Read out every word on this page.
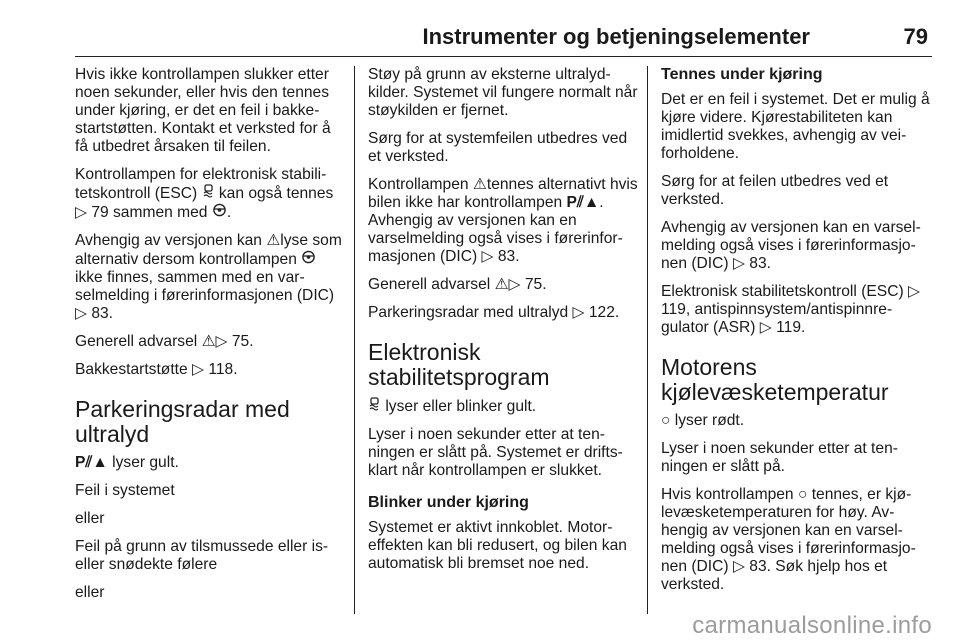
Instrumenter og betjeningselementer	79

Hvis ikke kontrollampen slukker etter noen sekunder, eller hvis den tennes under kjøring, er det en feil i bakke-startstøtten. Kontakt et verksted for å få utbedret årsaken til feilen.

Kontrollampen for elektronisk stabili-tetskontroll (ESC)  kan også tennes ▷ 79 sammen med .

Avhengig av versjonen kan ⚠lyse som alternativ dersom kontrollampen  ikke finnes, sammen med en var-selmelding i førerinformasjonen (DIC) ▷ 83.

Generell advarsel ⚠▷ 75.

Bakkestartstøtte ▷ 118.

Parkeringsradar med ultralyd

P⫽▲ lyser gult.

Feil i systemet

eller

Feil på grunn av tilsmussede eller is- eller snødekte følere

eller

Støy på grunn av eksterne ultralyd-kilder. Systemet vil fungere normalt når støykilden er fjernet.

Sørg for at systemfeilen utbedres ved et verksted.

Kontrollampen ⚠tennes alternativt hvis bilen ikke har kontrollampen P⫽▲. Avhengig av versjonen kan en varselmelding også vises i førerinfor-masjonen (DIC) ▷ 83.

Generell advarsel ⚠▷ 75.

Parkeringsradar med ultralyd ▷ 122.

Elektronisk stabilitetsprogram

lyser eller blinker gult.

Lyser i noen sekunder etter at ten-ningen er slått på. Systemet er drifts-klart når kontrollampen er slukket.

Blinker under kjøring

Systemet er aktivt innkoblet. Motor-effekten kan bli redusert, og bilen kan automatisk bli bremset noe ned.

Tennes under kjøring

Det er en feil i systemet. Det er mulig å kjøre videre. Kjørestabiliteten kan imidlertid svekkes, avhengig av vei-forholdene.

Sørg for at feilen utbedres ved et verksted.

Avhengig av versjonen kan en varsel-melding også vises i førerinformasjo-nen (DIC) ▷ 83.

Elektronisk stabilitetskontroll (ESC) ▷ 119, antispinnsystem/antispinnre-gulator (ASR) ▷ 119.

Motorens kjølevæsketemperatur

○ lyser rødt.

Lyser i noen sekunder etter at ten-ningen er slått på.

Hvis kontrollampen ○ tennes, er kjø-levæsketemperaturen for høy. Av-hengig av versjonen kan en varsel-melding også vises i førerinformasjo-nen (DIC) ▷ 83. Søk hjelp hos et verksted.

carmanualsonline.info
